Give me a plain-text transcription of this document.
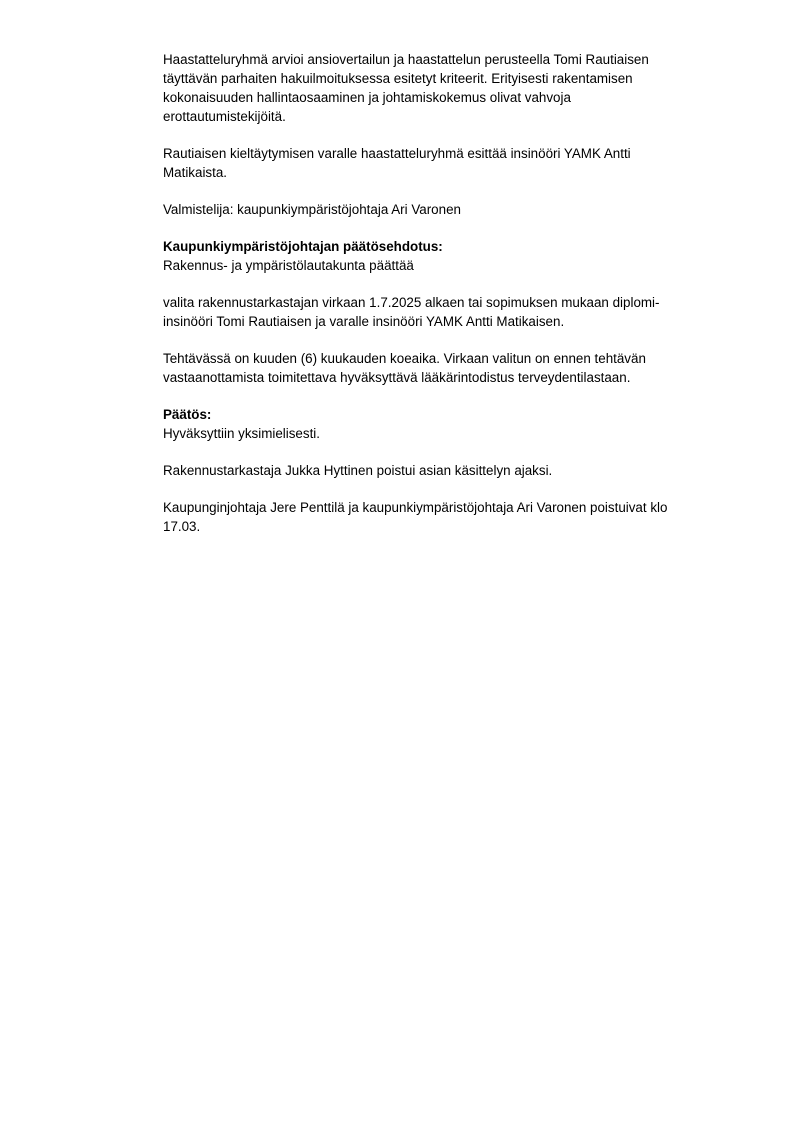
Haastatteluryhmä arvioi ansiovertailun ja haastattelun perusteella Tomi Rautiaisen
täyttävän parhaiten hakuilmoituksessa esitetyt kriteerit. Erityisesti rakentamisen
kokonaisuuden hallintaosaaminen ja johtamiskokemus olivat vahvoja
erottautumistekijöitä.
Rautiaisen kieltäytymisen varalle haastatteluryhmä esittää insinööri YAMK Antti
Matikaista.
Valmistelija: kaupunkiympäristöjohtaja Ari Varonen
Kaupunkiympäristöjohtajan päätösehdotus:
Rakennus- ja ympäristölautakunta päättää
valita rakennustarkastajan virkaan 1.7.2025 alkaen tai sopimuksen mukaan diplomi-
insinööri Tomi Rautiaisen ja varalle insinööri YAMK Antti Matikaisen.
Tehtävässä on kuuden (6) kuukauden koeaika. Virkaan valitun on ennen tehtävän
vastaanottamista toimitettava hyväksyttävä lääkärintodistus terveydentilastaan.
Päätös:
Hyväksyttiin yksimielisesti.
Rakennustarkastaja Jukka Hyttinen poistui asian käsittelyn ajaksi.
Kaupunginjohtaja Jere Penttilä ja kaupunkiympäristöjohtaja Ari Varonen poistuivat klo
17.03.
